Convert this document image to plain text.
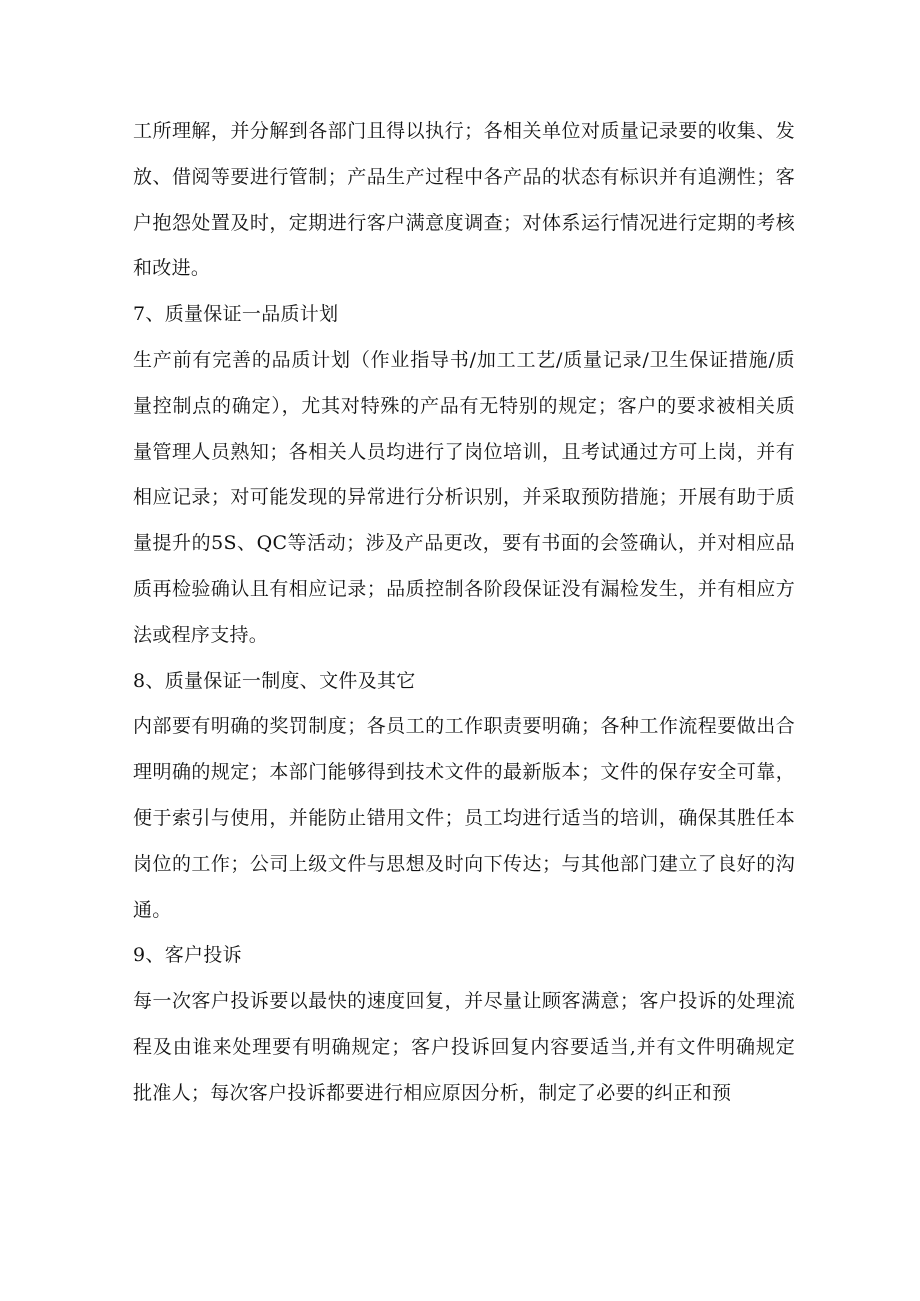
工所理解，并分解到各部门且得以执行；各相关单位对质量记录要的收集、发放、借阅等要进行管制；产品生产过程中各产品的状态有标识并有追溯性；客户抱怨处置及时，定期进行客户满意度调查；对体系运行情况进行定期的考核和改进。

7、质量保证一品质计划

生产前有完善的品质计划（作业指导书/加工工艺/质量记录/卫生保证措施/质量控制点的确定），尤其对特殊的产品有无特别的规定；客户的要求被相关质量管理人员熟知；各相关人员均进行了岗位培训，且考试通过方可上岗，并有相应记录；对可能发现的异常进行分析识别，并采取预防措施；开展有助于质量提升的5S、QC等活动；涉及产品更改，要有书面的会签确认，并对相应品质再检验确认且有相应记录；品质控制各阶段保证没有漏检发生，并有相应方法或程序支持。

8、质量保证一制度、文件及其它

内部要有明确的奖罚制度；各员工的工作职责要明确；各种工作流程要做出合理明确的规定；本部门能够得到技术文件的最新版本；文件的保存安全可靠，便于索引与使用，并能防止错用文件；员工均进行适当的培训，确保其胜任本岗位的工作；公司上级文件与思想及时向下传达；与其他部门建立了良好的沟通。

9、客户投诉

每一次客户投诉要以最快的速度回复，并尽量让顾客满意；客户投诉的处理流程及由谁来处理要有明确规定；客户投诉回复内容要适当,并有文件明确规定批准人；每次客户投诉都要进行相应原因分析，制定了必要的纠正和预
